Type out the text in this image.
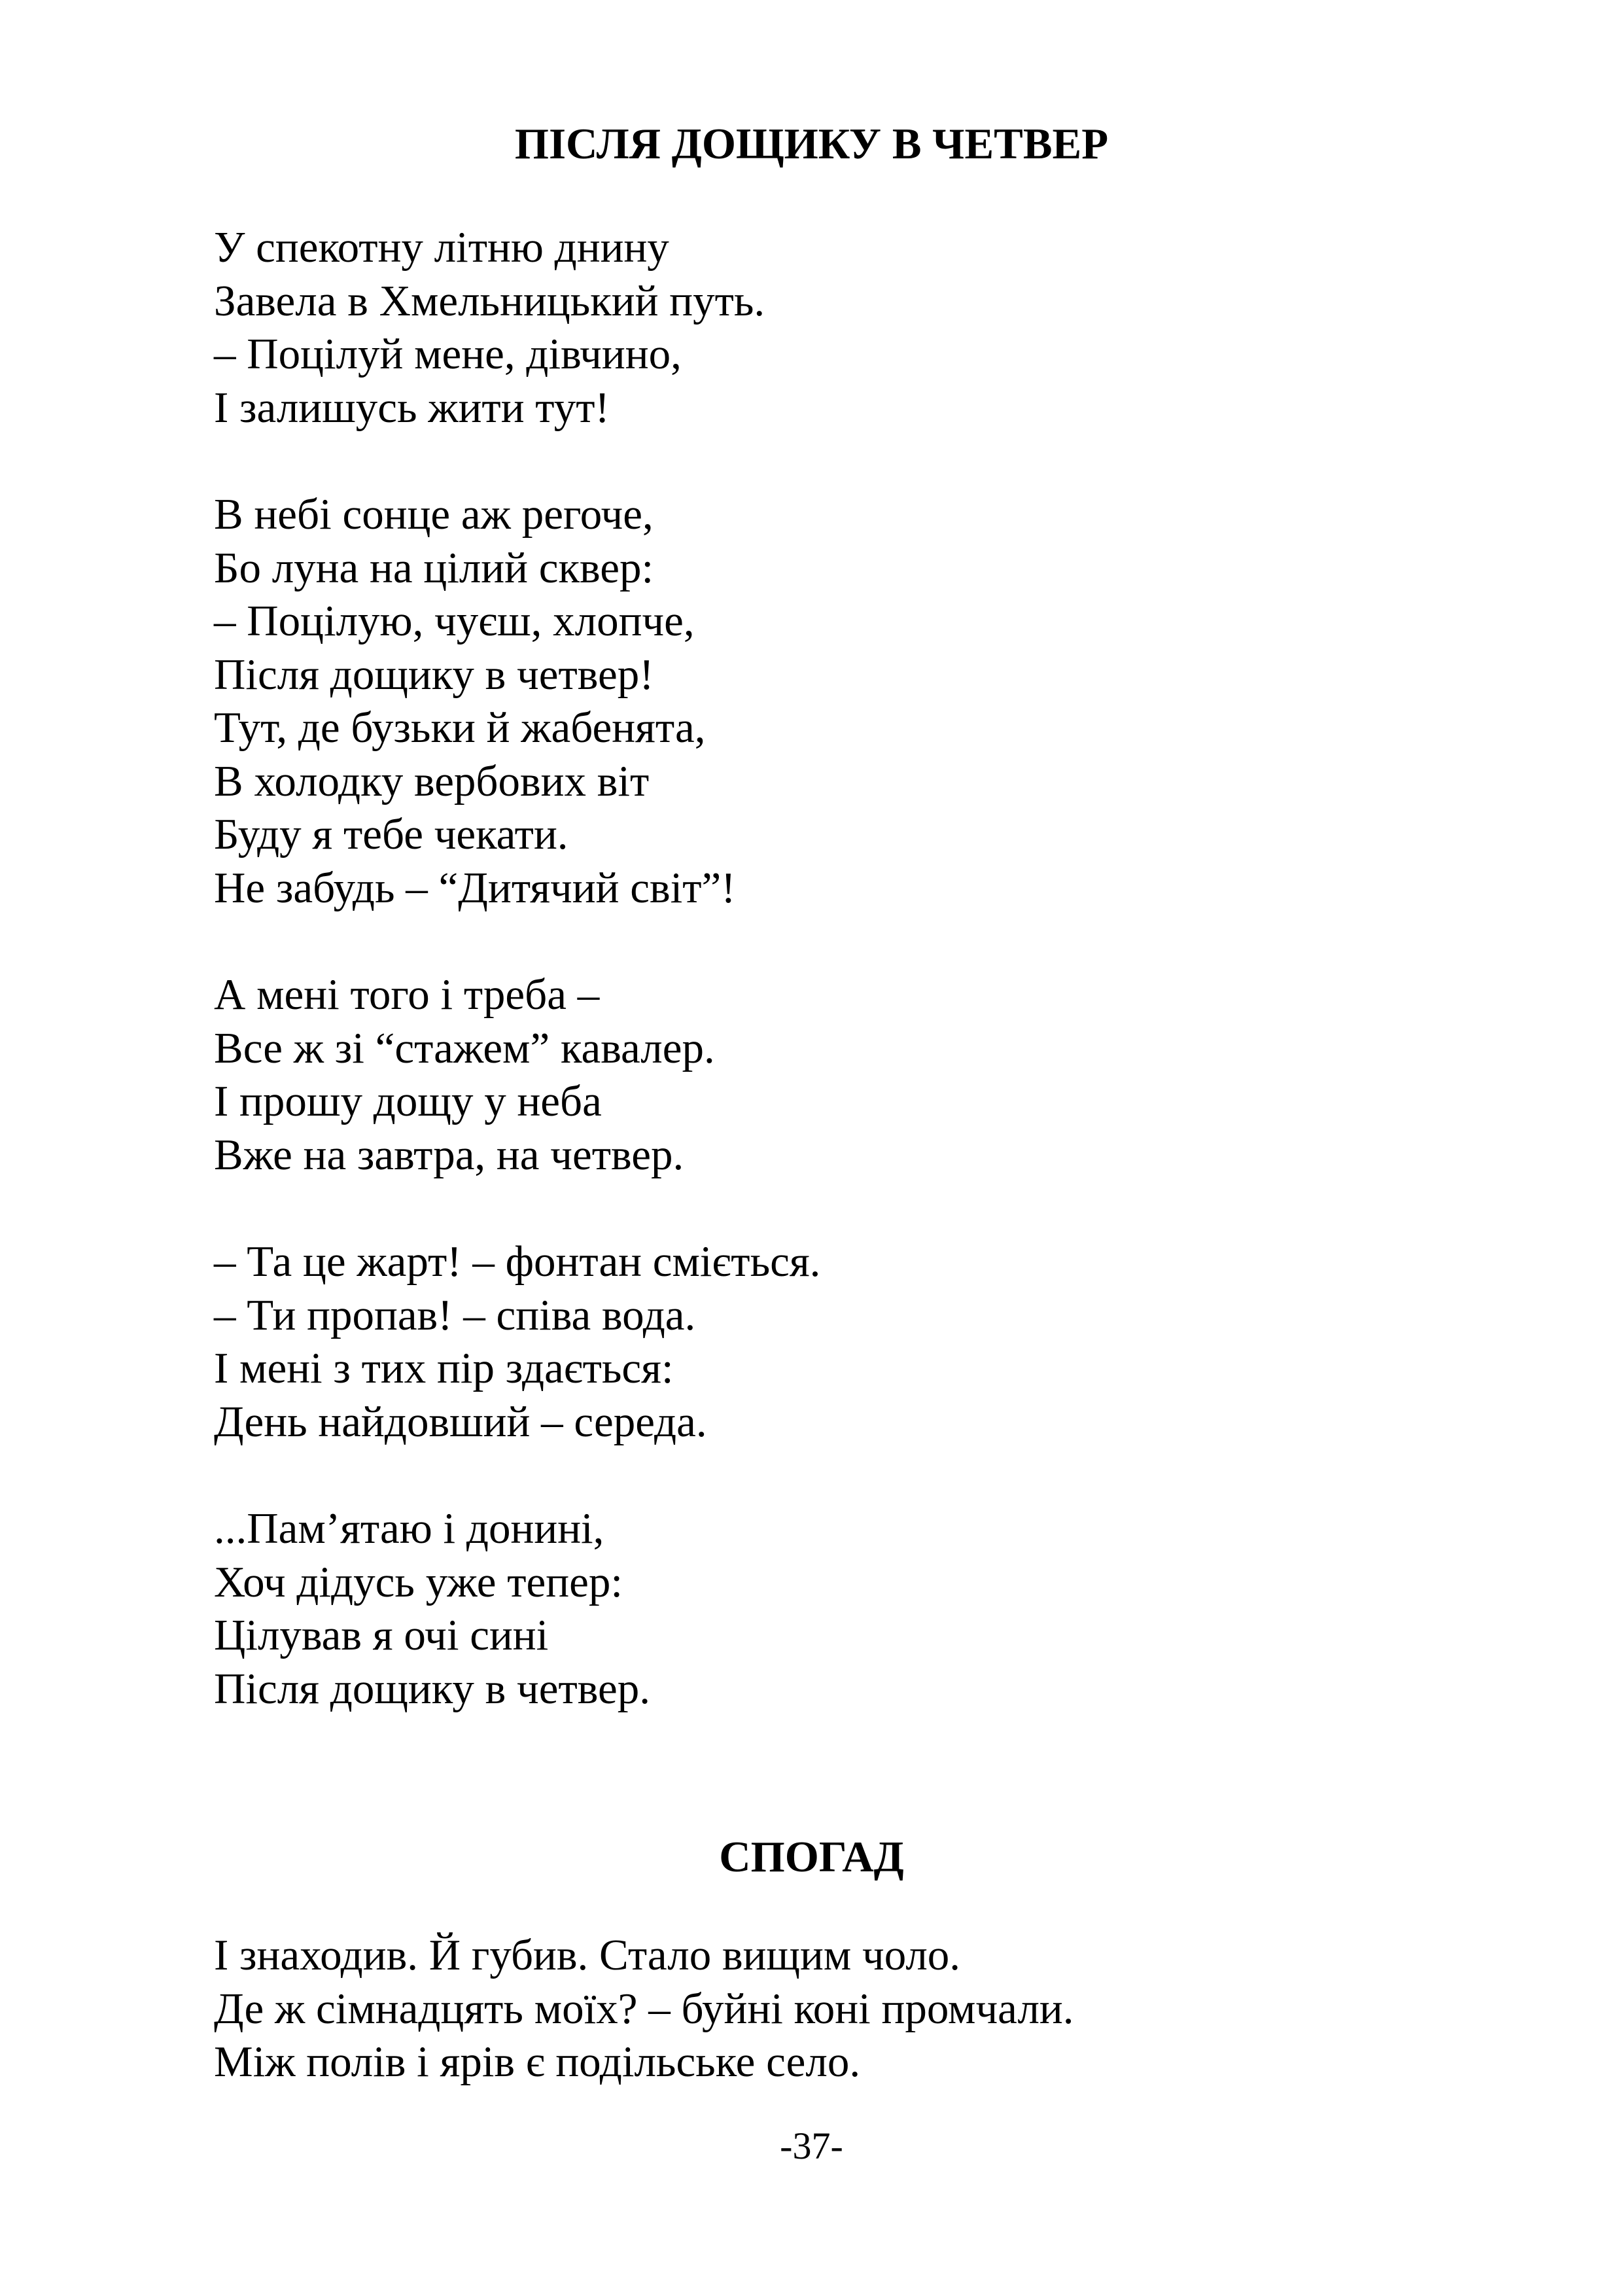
ПІСЛЯ ДОЩИКУ В ЧЕТВЕР
У спекотну літню днину
Завела в Хмельницький путь.
– Поцілуй мене, дівчино,
І залишусь жити тут!
В небі сонце аж регоче,
Бо луна на цілий сквер:
– Поцілую, чуєш, хлопче,
Після дощику в четвер!
Тут, де бузьки й жабенята,
В холодку вербових віт
Буду я тебе чекати.
Не забудь – “Дитячий світ”!
А мені того і треба –
Все ж зі “стажем” кавалер.
І прошу дощу у неба
Вже на завтра, на четвер.
– Та це жарт! – фонтан сміється.
– Ти пропав! – співа вода.
І мені з тих пір здається:
День найдовший – середа.
...Пам’ятаю і донині,
Хоч дідусь уже тепер:
Цілував я очі сині
Після дощику в четвер.
СПОГАД
І знаходив. Й губив. Стало вищим чоло.
Де ж сімнадцять моїх? – буйні коні промчали.
Між полів і ярів є подільське село.
-37-
